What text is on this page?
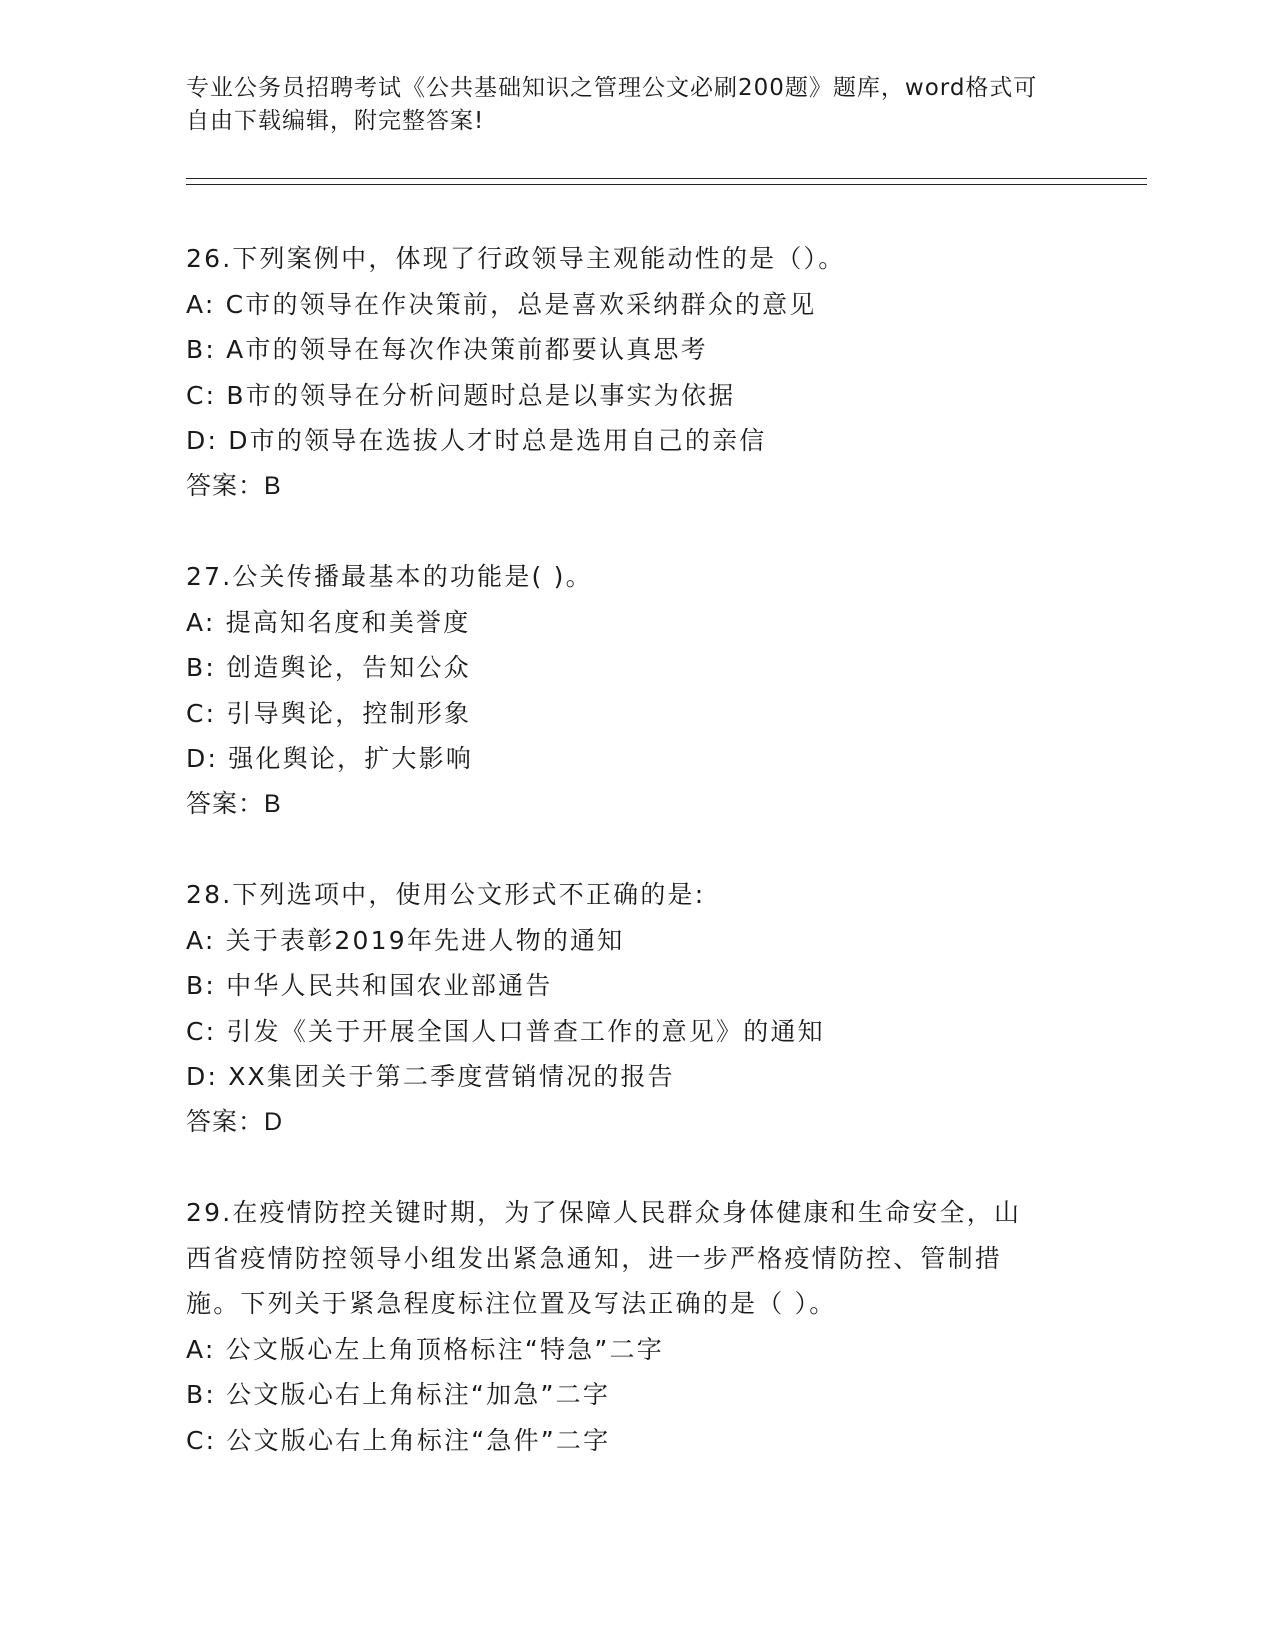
专业公务员招聘考试《公共基础知识之管理公文必刷200题》题库，word格式可
自由下载编辑，附完整答案!
26.下列案例中，体现了行政领导主观能动性的是（）。
A: C市的领导在作决策前，总是喜欢采纳群众的意见
B: A市的领导在每次作决策前都要认真思考
C: B市的领导在分析问题时总是以事实为依据
D: D市的领导在选拔人才时总是选用自己的亲信
答案：B
27.公关传播最基本的功能是( )。
A: 提高知名度和美誉度
B: 创造舆论，告知公众
C: 引导舆论，控制形象
D: 强化舆论，扩大影响
答案：B
28.下列选项中，使用公文形式不正确的是:
A: 关于表彰2019年先进人物的通知
B: 中华人民共和国农业部通告
C: 引发《关于开展全国人口普查工作的意见》的通知
D: XX集团关于第二季度营销情况的报告
答案：D
29.在疫情防控关键时期，为了保障人民群众身体健康和生命安全，山
西省疫情防控领导小组发出紧急通知，进一步严格疫情防控、管制措
施。下列关于紧急程度标注位置及写法正确的是（ ）。
A: 公文版心左上角顶格标注“特急”二字
B: 公文版心右上角标注“加急”二字
C: 公文版心右上角标注“急件”二字
